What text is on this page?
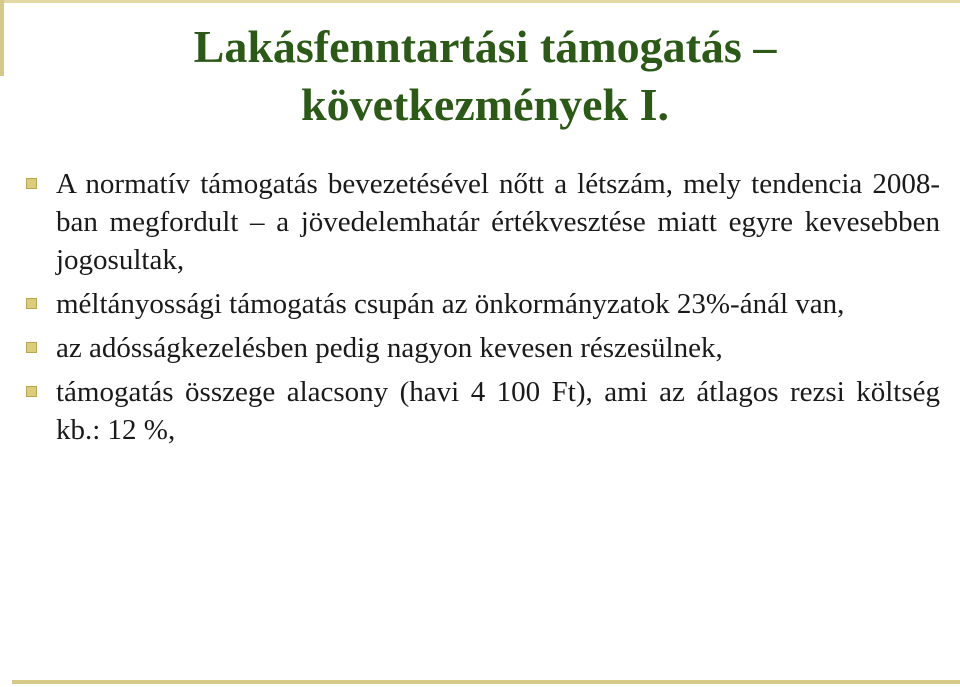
Lakásfenntartási támogatás –
következmények I.
A normatív támogatás bevezetésével nőtt a létszám, mely tendencia 2008-ban megfordult – a jövedelemhatár értékvesztése miatt egyre kevesebben jogosultak,
méltányossági támogatás csupán az önkormányzatok 23%-ánál van,
az adósságkezelésben pedig nagyon kevesen részesülnek,
támogatás összege alacsony (havi 4 100 Ft), ami az átlagos rezsi költség kb.: 12 %,
